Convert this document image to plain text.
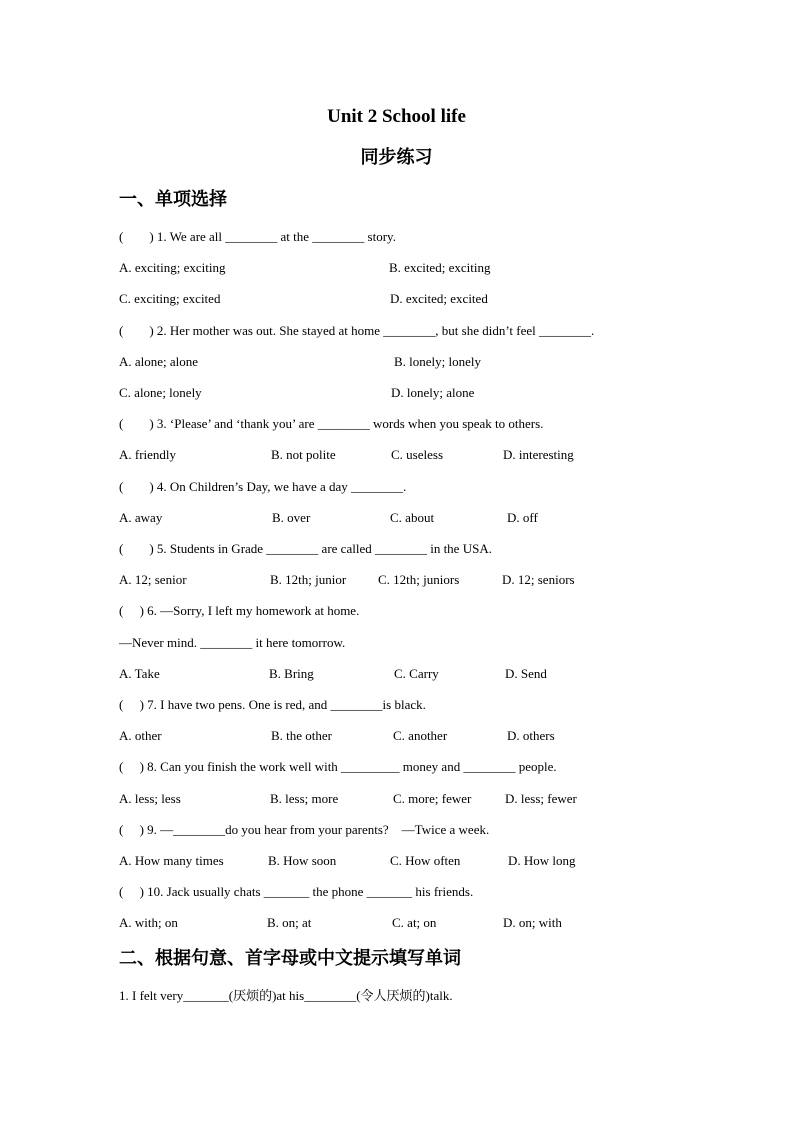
Unit 2 School life
同步练习
一、单项选择
(        ) 1. We are all ________ at the ________ story.
A. exciting; exciting	B. excited; exciting
C. exciting; excited	D. excited; excited
(        ) 2. Her mother was out. She stayed at home ________, but she didn’t feel ________.
A. alone; alone	B. lonely; lonely
C. alone; lonely	D. lonely; alone
(        ) 3. ‘Please’ and ‘thank you’ are ________ words when you speak to others.
A. friendly	B. not polite	C. useless	D. interesting
(        ) 4. On Children’s Day, we have a day ________.
A. away	B. over	C. about	D. off
(        ) 5. Students in Grade ________ are called ________ in the USA.
A. 12; senior	B. 12th; junior C. 12th; juniors	D. 12; seniors
(     ) 6. —Sorry, I left my homework at home.
—Never mind. ________ it here tomorrow.
A. Take	B. Bring	C. Carry	D. Send
(     ) 7. I have two pens. One is red, and ________is black.
A. other	B. the other	C. another	D. others
(     ) 8. Can you finish the work well with _________ money and ________ people.
A. less; less	B. less; more	C. more; fewer	D. less; fewer
(     ) 9. —________do you hear from your parents?    —Twice a week.
A. How many times	B. How soon	C. How often	D. How long
(     ) 10. Jack usually chats _______ the phone _______ his friends.
A. with; on	B. on; at	C. at; on	D. on; with
二、根据句意、首字母或中文提示填写单词
1. I felt very_______(厌烦的)at his________(令人厌烦的)talk.
